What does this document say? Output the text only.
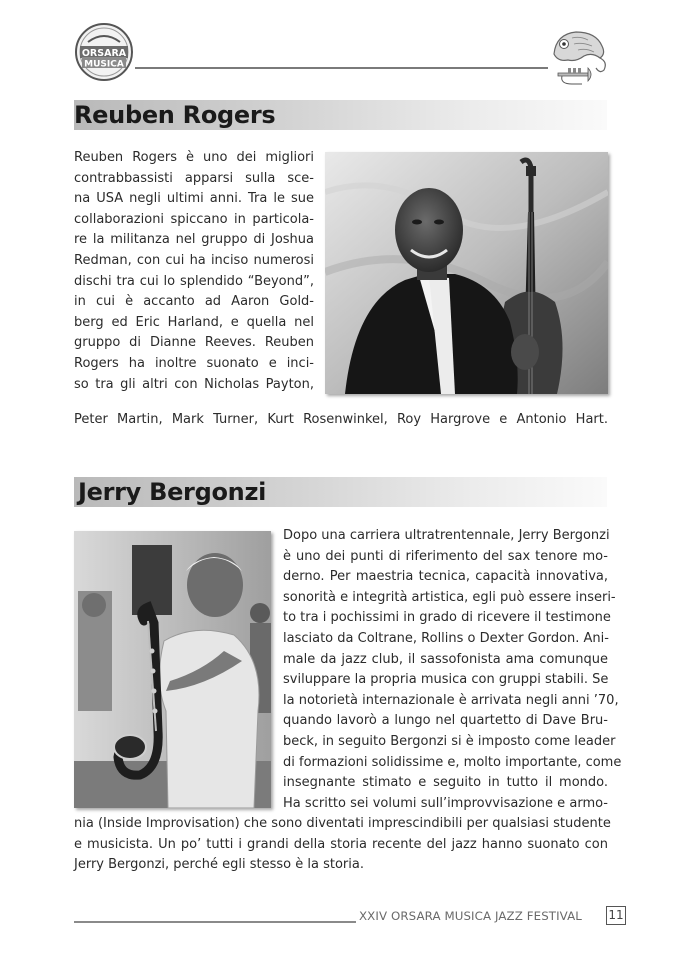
ORSARA
MUSICA
Reuben Rogers
Reuben Rogers è uno dei migliori
contrabbassisti apparsi sulla sce-
na USA negli ultimi anni. Tra le sue
collaborazioni spiccano in particola-
re la militanza nel gruppo di Joshua
Redman, con cui ha inciso numerosi
dischi tra cui lo splendido “Beyond”,
in cui è accanto ad Aaron Gold-
berg ed Eric Harland, e quella nel
gruppo di Dianne Reeves. Reuben
Rogers ha inoltre suonato e inci-
so tra gli altri con Nicholas Payton,
Peter Martin, Mark Turner, Kurt Rosenwinkel, Roy Hargrove e Antonio Hart.
Jerry Bergonzi
Dopo una carriera ultratrentennale, Jerry Bergonzi
è uno dei punti di riferimento del sax tenore mo-
derno. Per maestria tecnica, capacità innovativa,
sonorità e integrità artistica, egli può essere inseri-
to tra i pochissimi in grado di ricevere il testimone
lasciato da Coltrane, Rollins o Dexter Gordon. Ani-
male da jazz club, il sassofonista ama comunque
sviluppare la propria musica con gruppi stabili. Se
la notorietà internazionale è arrivata negli anni ’70,
quando lavorò a lungo nel quartetto di Dave Bru-
beck, in seguito Bergonzi si è imposto come leader
di formazioni solidissime e, molto importante, come
insegnante stimato e seguito in tutto il mondo.
Ha scritto sei volumi sull’improvvisazione e armo-
nia (Inside Improvisation) che sono diventati imprescindibili per qualsiasi studente
e musicista. Un po’ tutti i grandi della storia recente del jazz hanno suonato con
Jerry Bergonzi, perché egli stesso è la storia.
XXIV ORSARA MUSICA JAZZ FESTIVAL 11
